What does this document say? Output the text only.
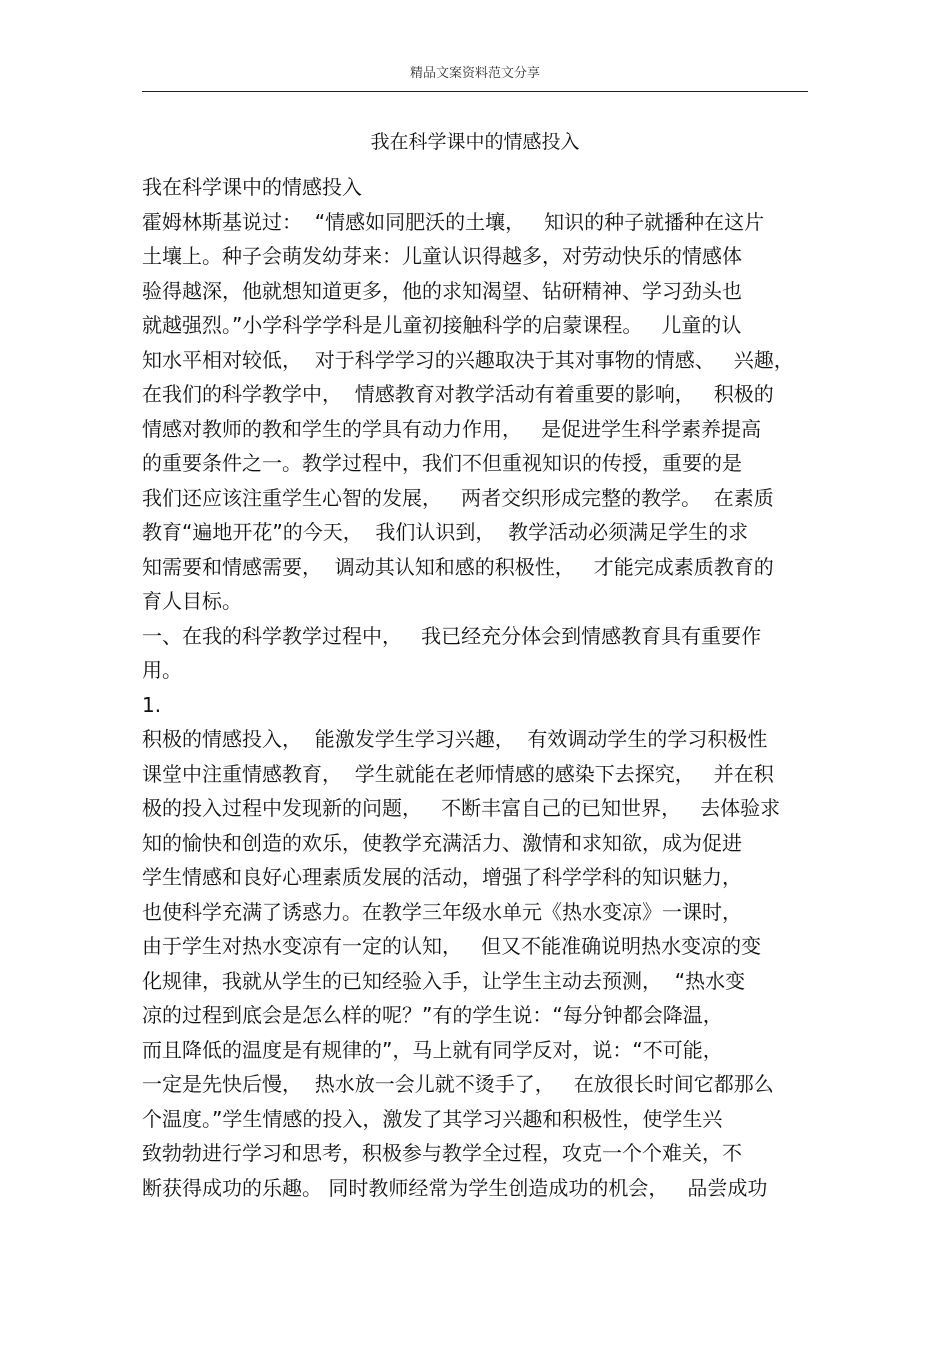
精品文案资料范文分享
我在科学课中的情感投入
我在科学课中的情感投入
霍姆林斯基说过：  “情感如同肥沃的土壤，   知识的种子就播种在这片
土壤上。种子会萌发幼芽来：儿童认识得越多，对劳动快乐的情感体
验得越深，他就想知道更多，他的求知渴望、钻研精神、学习劲头也
就越强烈。”小学科学学科是儿童初接触科学的启蒙课程。   儿童的认
知水平相对较低，  对于科学学习的兴趣取决于其对事物的情感、   兴趣，
在我们的科学教学中，  情感教育对教学活动有着重要的影响，   积极的
情感对教师的教和学生的学具有动力作用，   是促进学生科学素养提高
的重要条件之一。教学过程中，我们不但重视知识的传授，重要的是
我们还应该注重学生心智的发展，   两者交织形成完整的教学。  在素质
教育“遍地开花”的今天，  我们认识到，  教学活动必须满足学生的求
知需要和情感需要，  调动其认知和感的积极性，   才能完成素质教育的
育人目标。
一、在我的科学教学过程中，   我已经充分体会到情感教育具有重要作
用。
1.
积极的情感投入，  能激发学生学习兴趣，  有效调动学生的学习积极性
课堂中注重情感教育，  学生就能在老师情感的感染下去探究，   并在积
极的投入过程中发现新的问题，   不断丰富自己的已知世界，   去体验求
知的愉快和创造的欢乐，使教学充满活力、激情和求知欲，成为促进
学生情感和良好心理素质发展的活动，增强了科学学科的知识魅力，
也使科学充满了诱惑力。在教学三年级水单元《热水变凉》一课时，
由于学生对热水变凉有一定的认知，   但又不能准确说明热水变凉的变
化规律，我就从学生的已知经验入手，让学生主动去预测，  “热水变
凉的过程到底会是怎么样的呢？”有的学生说：“每分钟都会降温，
而且降低的温度是有规律的”，马上就有同学反对，说：“不可能，
一定是先快后慢，  热水放一会儿就不烫手了，   在放很长时间它都那么
个温度。”学生情感的投入，激发了其学习兴趣和积极性，使学生兴
致勃勃进行学习和思考，积极参与教学全过程，攻克一个个难关，不
断获得成功的乐趣。 同时教师经常为学生创造成功的机会，   品尝成功
